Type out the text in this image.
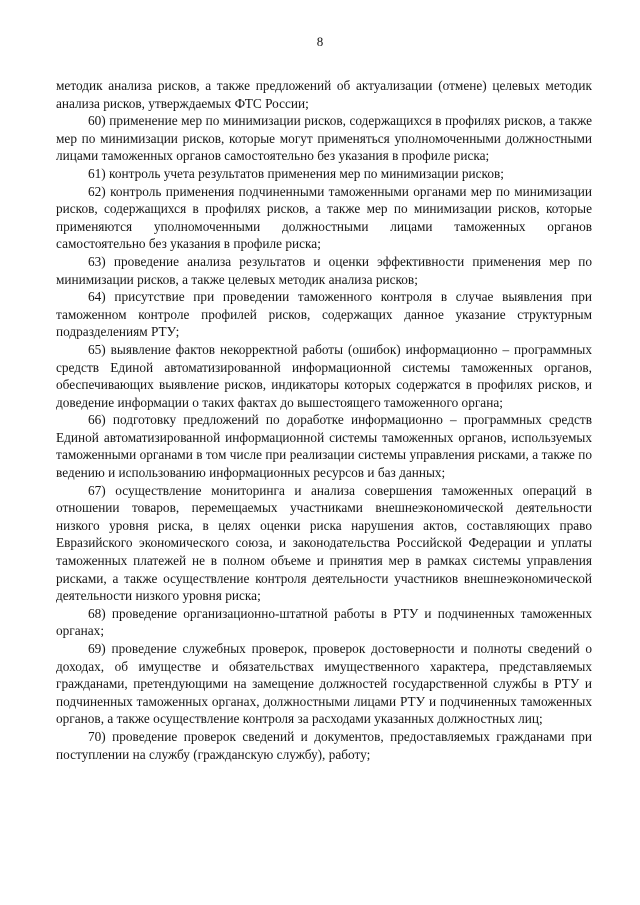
8

методик анализа рисков, а также предложений об актуализации (отмене) целевых методик анализа рисков, утверждаемых ФТС России;

60) применение мер по минимизации рисков, содержащихся в профилях рисков, а также мер по минимизации рисков, которые могут применяться уполномоченными должностными лицами таможенных органов самостоятельно без указания в профиле риска;

61) контроль учета результатов применения мер по минимизации рисков;

62) контроль применения подчиненными таможенными органами мер по минимизации рисков, содержащихся в профилях рисков, а также мер по минимизации рисков, которые применяются уполномоченными должностными лицами таможенных органов самостоятельно без указания в профиле риска;

63) проведение анализа результатов и оценки эффективности применения мер по минимизации рисков, а также целевых методик анализа рисков;

64) присутствие при проведении таможенного контроля в случае выявления при таможенном контроле профилей рисков, содержащих данное указание структурным подразделениям РТУ;

65) выявление фактов некорректной работы (ошибок) информационно – программных средств Единой автоматизированной информационной системы таможенных органов, обеспечивающих выявление рисков, индикаторы которых содержатся в профилях рисков, и доведение информации о таких фактах до вышестоящего таможенного органа;

66) подготовку предложений по доработке информационно – программных средств Единой автоматизированной информационной системы таможенных органов, используемых таможенными органами в том числе при реализации системы управления рисками, а также по ведению и использованию информационных ресурсов и баз данных;

67) осуществление мониторинга и анализа совершения таможенных операций в отношении товаров, перемещаемых участниками внешнеэкономической деятельности низкого уровня риска, в целях оценки риска нарушения актов, составляющих право Евразийского экономического союза, и законодательства Российской Федерации и уплаты таможенных платежей не в полном объеме и принятия мер в рамках системы управления рисками, а также осуществление контроля деятельности участников внешнеэкономической деятельности низкого уровня риска;

68) проведение организационно-штатной работы в РТУ и подчиненных таможенных органах;

69) проведение служебных проверок, проверок достоверности и полноты сведений о доходах, об имуществе и обязательствах имущественного характера, представляемых гражданами, претендующими на замещение должностей государственной службы в РТУ и подчиненных таможенных органах, должностными лицами РТУ и подчиненных таможенных органов, а также осуществление контроля за расходами указанных должностных лиц;

70) проведение проверок сведений и документов, предоставляемых гражданами при поступлении на службу (гражданскую службу), работу;
